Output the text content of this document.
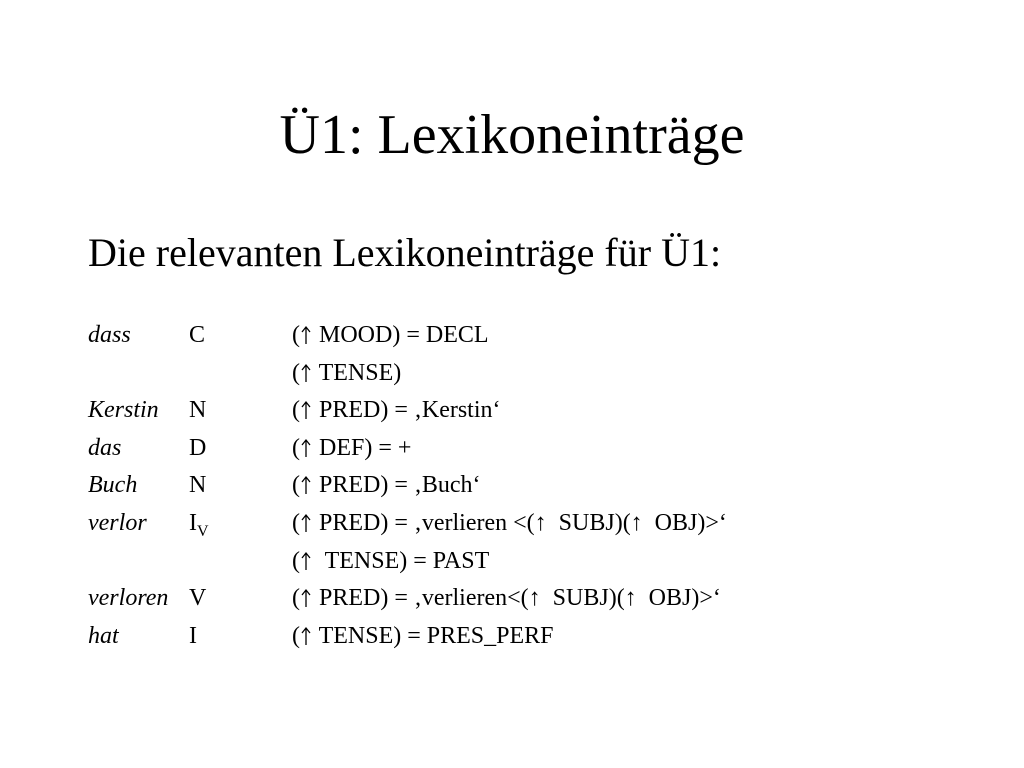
Ü1: Lexikoneinträge

Die relevanten Lexikoneinträge für Ü1:

dass C	( MOOD) = DECL
( TENSE)
Kerstin N	( PRED) = ‚Kerstin‘
das	D	( DEF) = +
Buch N	( PRED) = ‚Buch‘
verlor $I_V$	( PRED) = ‚verlieren <(↑  SUBJ)(↑  OBJ)>‘
(  TENSE) = PAST
verloren V	( PRED) = ‚verlieren<(↑  SUBJ)(↑  OBJ)>‘
hat	I	( TENSE) = PRES_PERF
